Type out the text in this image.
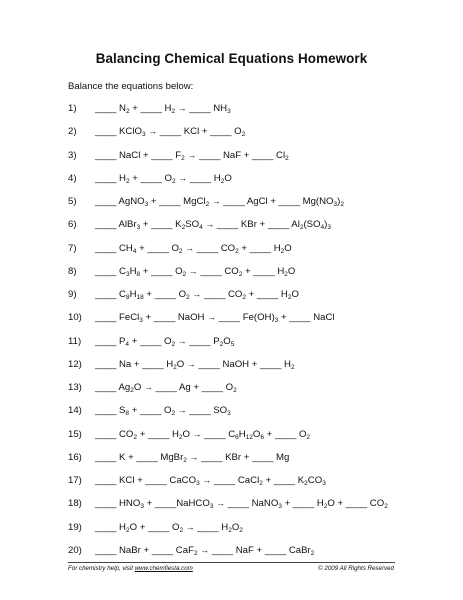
Balancing Chemical Equations Homework
Balance the equations below:
1) ____ $N_2$ + ____ $H_2$ → ____ $NH_3$
2) ____ KClO$_3$ → ____ KCl + ____ $O_2$
3) ____ NaCl + ____ $F_2$ → ____ NaF + ____ $Cl_2$
4) ____ $H_2$ + ____ $O_2$ → ____ $H_2O$
5) ____ AgNO$_3$ + ____ MgCl$_2$ → ____ AgCl + ____ $Mg(NO_3)_2$
6) ____ AlBr$_3$ + ____ $K_2SO_4$ → ____ KBr + ____ $Al_2(SO_4)_3$
7) ____ $CH_4$ + ____ $O_2$ → ____ $CO_2$ + ____ $H_2O$
8) ____ $C_3H_8$ + ____ $O_2$ → ____ $CO_2$ + ____ $H_2O$
9) ____ $C_8H_{18}$ + ____ $O_2$ → ____ $CO_2$ + ____ $H_2O$
10) ____ FeCl$_3$ + ____ NaOH → ____ $Fe(OH)_3$ + ____ NaCl
11) ____ $P_4$ + ____ $O_2$ → ____ $P_2O_5$
12) ____ Na + ____ $H_2O$ → ____ NaOH + ____ $H_2$
13) ____ $Ag_2O$ → ____ Ag + ____ $O_2$
14) ____ $S_8$ + ____ $O_2$ → ____ $SO_3$
15) ____ $CO_2$ + ____ $H_2O$ → ____ $C_6H_{12}O_6$ + ____ $O_2$
16) ____ K + ____ MgBr$_2$ → ____ KBr + ____ Mg
17) ____ KCl + ____ CaCO$_3$ → ____ CaCl$_2$ + ____ $K_2CO_3$
18) ____ $HNO_3$ + ____NaHCO$_3$ → ____ NaNO$_3$ + ____ $H_2O$ + ____ $CO_2$
19) ____ $H_2O$ + ____ $O_2$ → ____ $H_2O_2$
20) ____ NaBr + ____ CaF$_2$ → ____ NaF + ____ CaBr$_2$
For chemistry help, visit www.chemfiesta.com	© 2009 All Rights Reserved
